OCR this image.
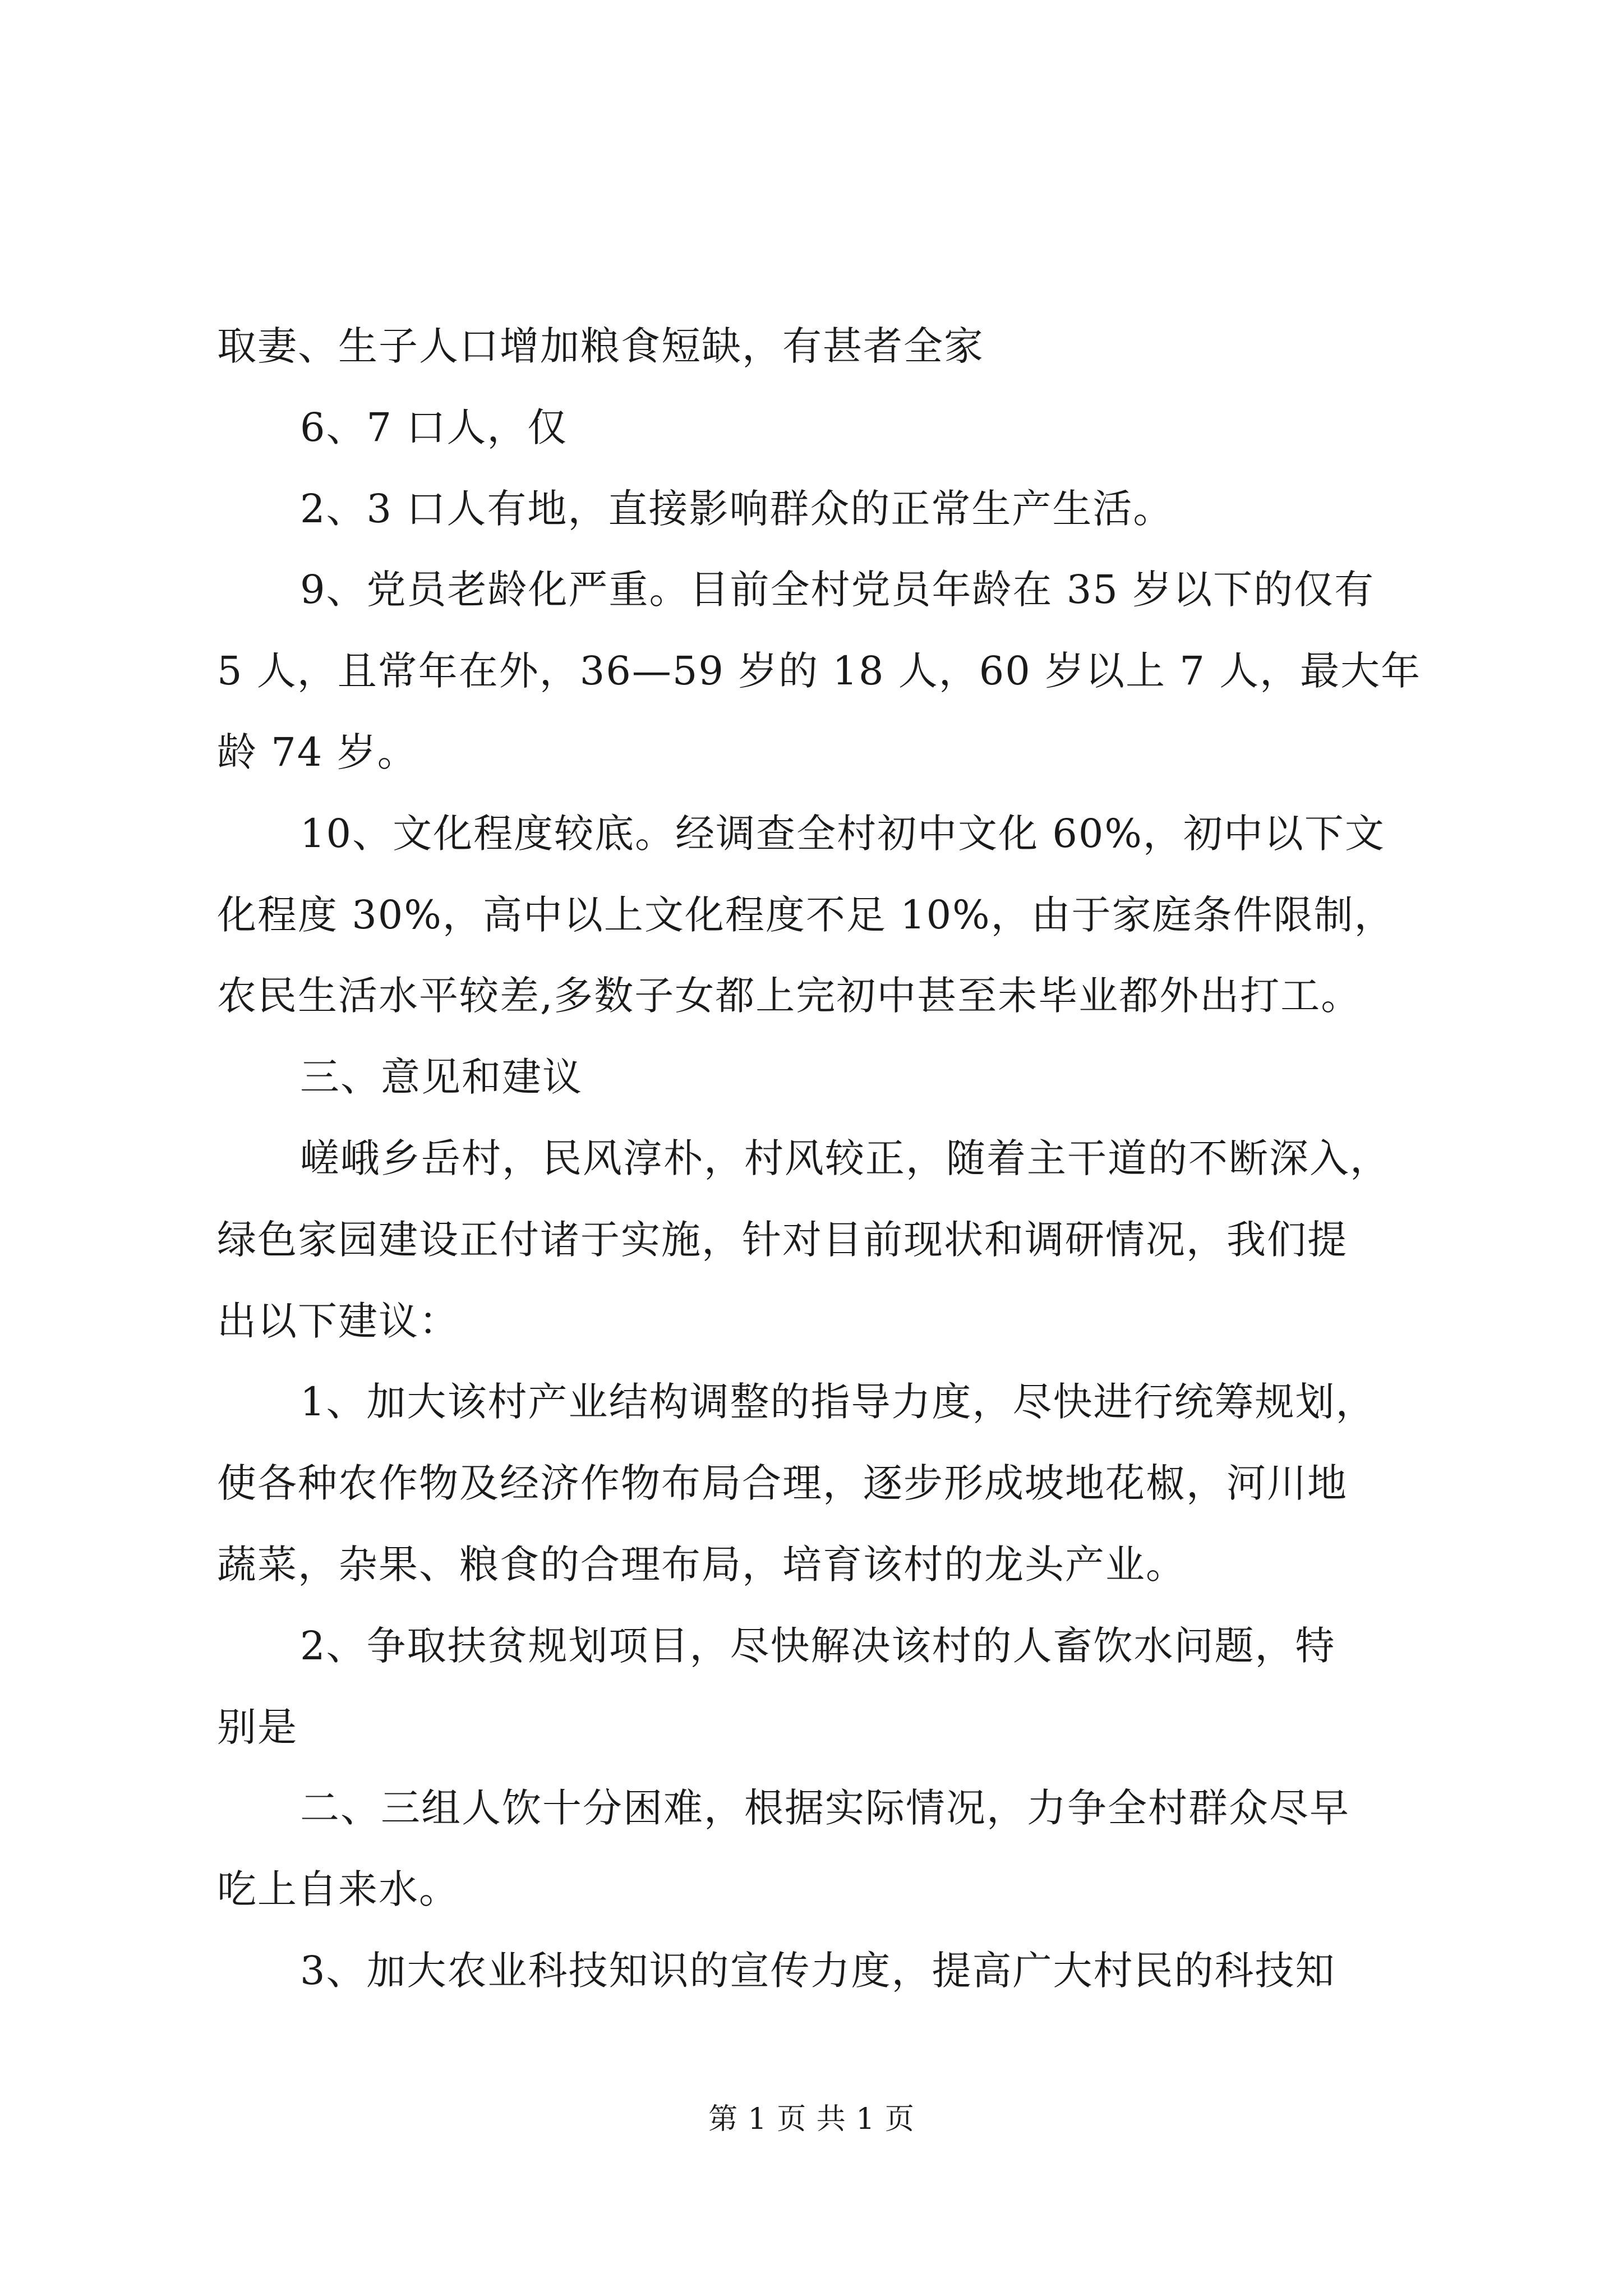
取妻、生子人口增加粮食短缺，有甚者全家

6、7 口人，仅

2、3 口人有地，直接影响群众的正常生产生活。

9、党员老龄化严重。目前全村党员年龄在 35 岁以下的仅有

5 人，且常年在外，36—59 岁的 18 人，60 岁以上 7 人，最大年

龄 74 岁。

10、文化程度较底。经调查全村初中文化 60%，初中以下文

化程度 30%，高中以上文化程度不足 10%，由于家庭条件限制，

农民生活水平较差,多数子女都上完初中甚至未毕业都外出打工。

三、意见和建议

嵯峨乡岳村，民风淳朴，村风较正，随着主干道的不断深入，

绿色家园建设正付诸于实施，针对目前现状和调研情况，我们提

出以下建议：

1、加大该村产业结构调整的指导力度，尽快进行统筹规划，

使各种农作物及经济作物布局合理，逐步形成坡地花椒，河川地

蔬菜，杂果、粮食的合理布局，培育该村的龙头产业。

2、争取扶贫规划项目，尽快解决该村的人畜饮水问题，特

别是

二、三组人饮十分困难，根据实际情况，力争全村群众尽早

吃上自来水。

3、加大农业科技知识的宣传力度，提高广大村民的科技知

第 1 页 共 1 页
